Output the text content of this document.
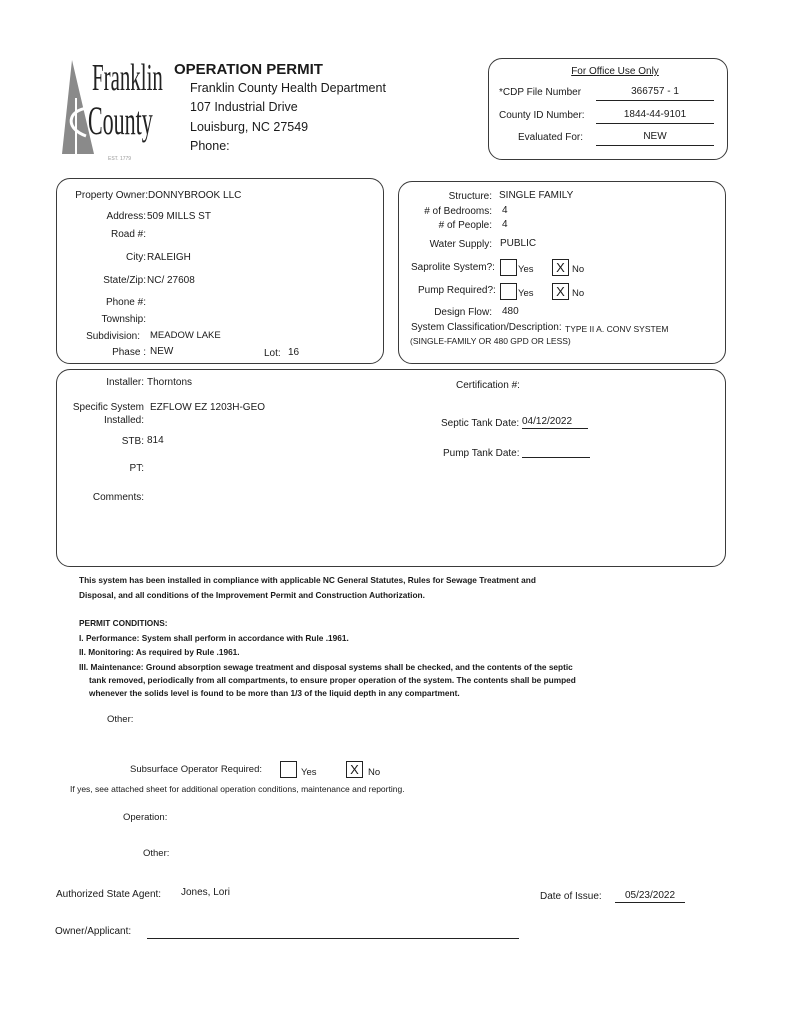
Franklin
County
EST. 1779
OPERATION PERMIT
Franklin County Health Department
107 Industrial Drive
Louisburg, NC 27549
Phone:
For Office Use Only
*CDP File Number	366757 - 1
County ID Number:	1844-44-9101
Evaluated For:	NEW
Property Owner: DONNYBROOK LLC
Address: 509 MILLS ST
Road #:
City: RALEIGH
State/Zip: NC/ 27608
Phone #:
Township:
Subdivision: MEADOW LAKE
Phase : NEW	Lot: 16
Structure: SINGLE FAMILY
# of Bedrooms: 4
# of People: 4
Water Supply: PUBLIC
Saprolite System?: Yes	X No
Pump Required?: Yes	X No
Design Flow: 480
System Classification/Description: TYPE II A. CONV SYSTEM
(SINGLE-FAMILY OR 480 GPD OR LESS)
Installer: Thorntons
Specific System
Installed:
EZFLOW EZ 1203H-GEO
STB: 814
PT:
Comments:
Certification #:
Septic Tank Date: 04/12/2022
Pump Tank Date:
This system has been installed in compliance with applicable NC General Statutes, Rules for Sewage Treatment and
Disposal, and all conditions of the Improvement Permit and Construction Authorization.
PERMIT CONDITIONS:
I. Performance: System shall perform in accordance with Rule .1961.
II. Monitoring: As required by Rule .1961.
III. Maintenance: Ground absorption sewage treatment and disposal systems shall be checked, and the contents of the septic
tank removed, periodically from all compartments, to ensure proper operation of the system. The contents shall be pumped
whenever the solids level is found to be more than 1/3 of the liquid depth in any compartment.
Other:
Subsurface Operator Required:	Yes	X No
If yes, see attached sheet for additional operation conditions, maintenance and reporting.
Operation:
Other:
Authorized State Agent: Jones, Lori	Date of Issue:	05/23/2022
Owner/Applicant:
